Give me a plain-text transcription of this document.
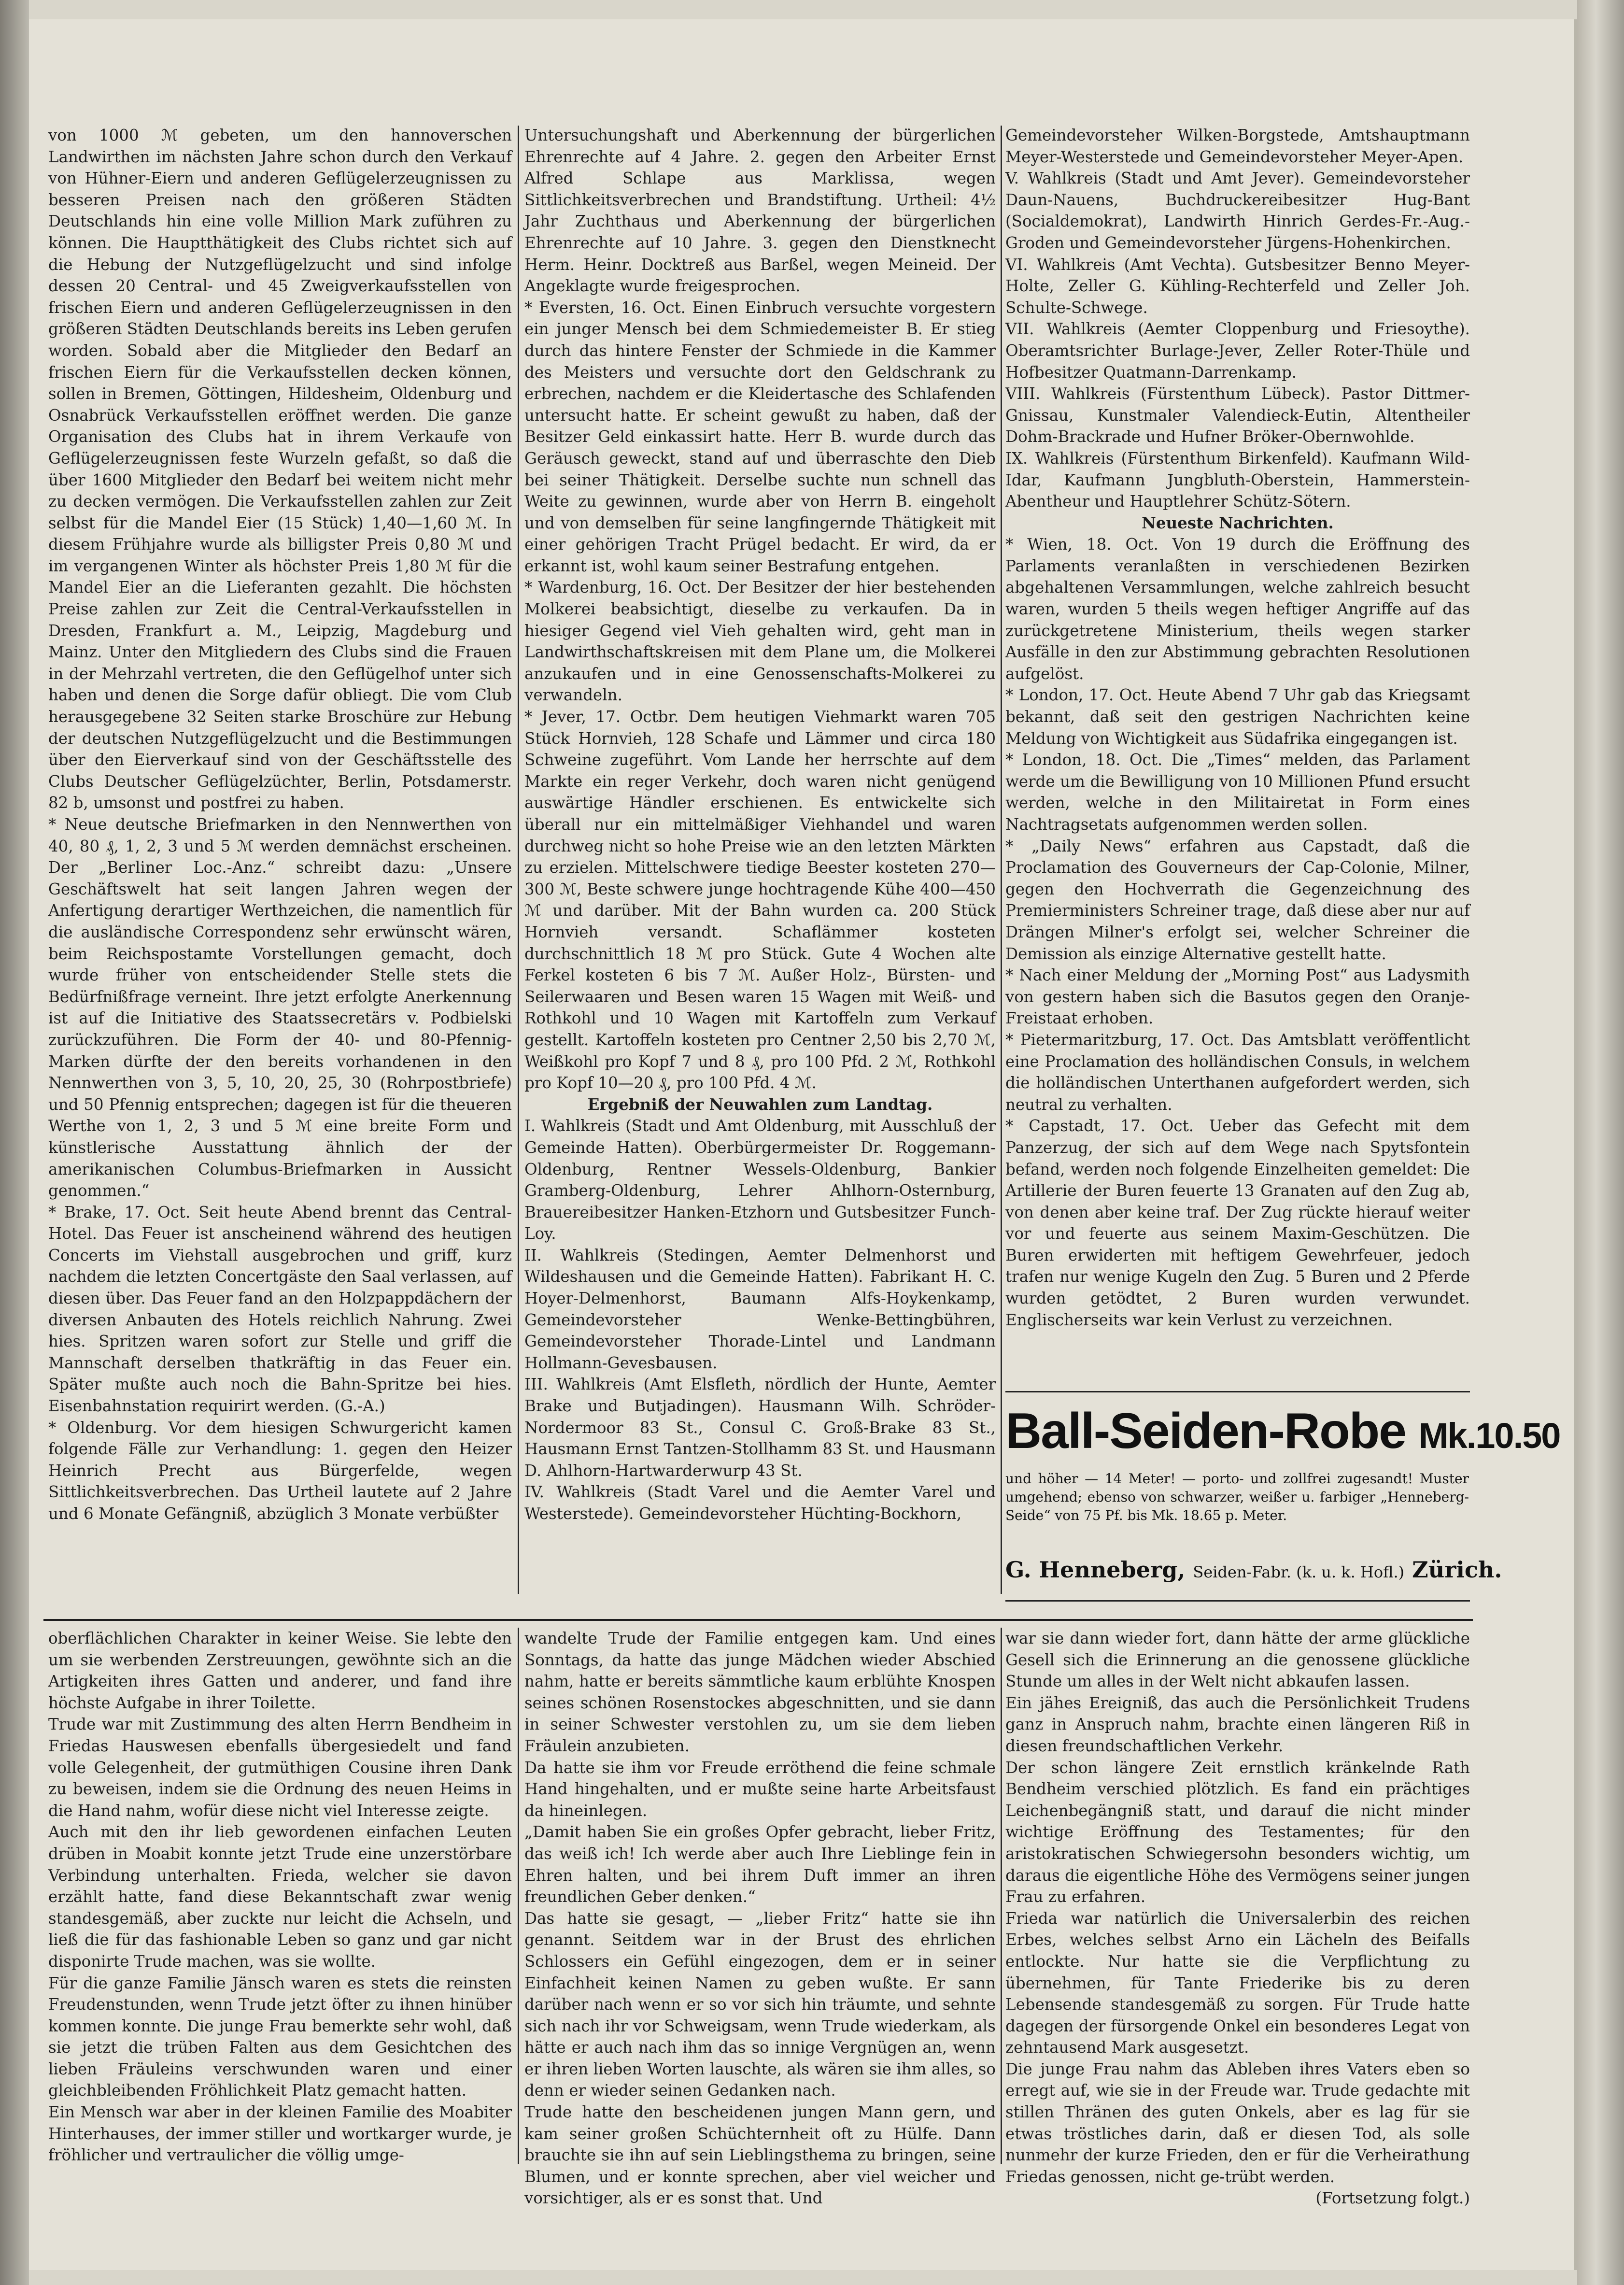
von 1000 ℳ gebeten, um den hannoverschen Landwirthen im nächsten Jahre schon durch den Verkauf von Hühner-Eiern und anderen Geflügelerzeugnissen zu besseren Preisen nach den größeren Städten Deutschlands hin eine volle Million Mark zuführen zu können. Die Hauptthätigkeit des Clubs richtet sich auf die Hebung der Nutzgeflügelzucht und sind infolge dessen 20 Central- und 45 Zweigverkaufsstellen von frischen Eiern und anderen Geflügelerzeugnissen in den größeren Städten Deutschlands bereits ins Leben gerufen worden. Sobald aber die Mitglieder den Bedarf an frischen Eiern für die Verkaufsstellen decken können, sollen in Bremen, Göttingen, Hildesheim, Oldenburg und Osnabrück Verkaufsstellen eröffnet werden. Die ganze Organisation des Clubs hat in ihrem Verkaufe von Geflügelerzeugnissen feste Wurzeln gefaßt, so daß die über 1600 Mitglieder den Bedarf bei weitem nicht mehr zu decken vermögen. Die Verkaufsstellen zahlen zur Zeit selbst für die Mandel Eier (15 Stück) 1,40—1,60 ℳ. In diesem Frühjahre wurde als billigster Preis 0,80 ℳ und im vergangenen Winter als höchster Preis 1,80 ℳ für die Mandel Eier an die Lieferanten gezahlt. Die höchsten Preise zahlen zur Zeit die Central-Verkaufsstellen in Dresden, Frankfurt a. M., Leipzig, Magdeburg und Mainz. Unter den Mitgliedern des Clubs sind die Frauen in der Mehrzahl vertreten, die den Geflügelhof unter sich haben und denen die Sorge dafür obliegt. Die vom Club herausgegebene 32 Seiten starke Broschüre zur Hebung der deutschen Nutzgeflügelzucht und die Bestimmungen über den Eierverkauf sind von der Geschäftsstelle des Clubs Deutscher Geflügelzüchter, Berlin, Potsdamerstr. 82 b, umsonst und postfrei zu haben.

* Neue deutsche Briefmarken in den Nennwerthen von 40, 80 ₰, 1, 2, 3 und 5 ℳ werden demnächst erscheinen. Der „Berliner Loc.-Anz.“ schreibt dazu: „Unsere Geschäftswelt hat seit langen Jahren wegen der Anfertigung derartiger Werthzeichen, die namentlich für die ausländische Correspondenz sehr erwünscht wären, beim Reichspostamte Vorstellungen gemacht, doch wurde früher von entscheidender Stelle stets die Bedürfnißfrage verneint. Ihre jetzt erfolgte Anerkennung ist auf die Initiative des Staatssecretärs v. Podbielski zurückzuführen. Die Form der 40- und 80-Pfennig-Marken dürfte der den bereits vorhandenen in den Nennwerthen von 3, 5, 10, 20, 25, 30 (Rohrpostbriefe) und 50 Pfennig entsprechen; dagegen ist für die theueren Werthe von 1, 2, 3 und 5 ℳ eine breite Form und künstlerische Ausstattung ähnlich der der amerikanischen Columbus-Briefmarken in Aussicht genommen.“

* Brake, 17. Oct. Seit heute Abend brennt das Central-Hotel. Das Feuer ist anscheinend während des heutigen Concerts im Viehstall ausgebrochen und griff, kurz nachdem die letzten Concertgäste den Saal verlassen, auf diesen über. Das Feuer fand an den Holzpappdächern der diversen Anbauten des Hotels reichlich Nahrung. Zwei hies. Spritzen waren sofort zur Stelle und griff die Mannschaft derselben thatkräftig in das Feuer ein. Später mußte auch noch die Bahn-Spritze bei hies. Eisenbahnstation requirirt werden. (G.-A.)

* Oldenburg. Vor dem hiesigen Schwurgericht kamen folgende Fälle zur Verhandlung: 1. gegen den Heizer Heinrich Precht aus Bürgerfelde, wegen Sittlichkeitsverbrechen. Das Urtheil lautete auf 2 Jahre und 6 Monate Gefängniß, abzüglich 3 Monate verbüßter

Untersuchungshaft und Aberkennung der bürgerlichen Ehrenrechte auf 4 Jahre. 2. gegen den Arbeiter Ernst Alfred Schlape aus Marklissa, wegen Sittlichkeitsverbrechen und Brandstiftung. Urtheil: 4½ Jahr Zuchthaus und Aberkennung der bürgerlichen Ehrenrechte auf 10 Jahre. 3. gegen den Dienstknecht Herm. Heinr. Docktreß aus Barßel, wegen Meineid. Der Angeklagte wurde freigesprochen.

* Eversten, 16. Oct. Einen Einbruch versuchte vorgestern ein junger Mensch bei dem Schmiedemeister B. Er stieg durch das hintere Fenster der Schmiede in die Kammer des Meisters und versuchte dort den Geldschrank zu erbrechen, nachdem er die Kleidertasche des Schlafenden untersucht hatte. Er scheint gewußt zu haben, daß der Besitzer Geld einkassirt hatte. Herr B. wurde durch das Geräusch geweckt, stand auf und überraschte den Dieb bei seiner Thätigkeit. Derselbe suchte nun schnell das Weite zu gewinnen, wurde aber von Herrn B. eingeholt und von demselben für seine langfingernde Thätigkeit mit einer gehörigen Tracht Prügel bedacht. Er wird, da er erkannt ist, wohl kaum seiner Bestrafung entgehen.

* Wardenburg, 16. Oct. Der Besitzer der hier bestehenden Molkerei beabsichtigt, dieselbe zu verkaufen. Da in hiesiger Gegend viel Vieh gehalten wird, geht man in Landwirthschaftskreisen mit dem Plane um, die Molkerei anzukaufen und in eine Genossenschafts-Molkerei zu verwandeln.

* Jever, 17. Octbr. Dem heutigen Viehmarkt waren 705 Stück Hornvieh, 128 Schafe und Lämmer und circa 180 Schweine zugeführt. Vom Lande her herrschte auf dem Markte ein reger Verkehr, doch waren nicht genügend auswärtige Händler erschienen. Es entwickelte sich überall nur ein mittelmäßiger Viehhandel und waren durchweg nicht so hohe Preise wie an den letzten Märkten zu erzielen. Mittelschwere tiedige Beester kosteten 270—300 ℳ, Beste schwere junge hochtragende Kühe 400—450 ℳ und darüber. Mit der Bahn wurden ca. 200 Stück Hornvieh versandt. Schaflämmer kosteten durchschnittlich 18 ℳ pro Stück. Gute 4 Wochen alte Ferkel kosteten 6 bis 7 ℳ. Außer Holz-, Bürsten- und Seilerwaaren und Besen waren 15 Wagen mit Weiß- und Rothkohl und 10 Wagen mit Kartoffeln zum Verkauf gestellt. Kartoffeln kosteten pro Centner 2,50 bis 2,70 ℳ, Weißkohl pro Kopf 7 und 8 ₰, pro 100 Pfd. 2 ℳ, Rothkohl pro Kopf 10—20 ₰, pro 100 Pfd. 4 ℳ.

Ergebniß der Neuwahlen zum Landtag.

I. Wahlkreis (Stadt und Amt Oldenburg, mit Ausschluß der Gemeinde Hatten). Oberbürgermeister Dr. Roggemann-Oldenburg, Rentner Wessels-Oldenburg, Bankier Gramberg-Oldenburg, Lehrer Ahlhorn-Osternburg, Brauereibesitzer Hanken-Etzhorn und Gutsbesitzer Funch-Loy.

II. Wahlkreis (Stedingen, Aemter Delmenhorst und Wildeshausen und die Gemeinde Hatten). Fabrikant H. C. Hoyer-Delmenhorst, Baumann Alfs-Hoykenkamp, Gemeindevorsteher Wenke-Bettingbühren, Gemeindevorsteher Thorade-Lintel und Landmann Hollmann-Gevesbausen.

III. Wahlkreis (Amt Elsfleth, nördlich der Hunte, Aemter Brake und Butjadingen). Hausmann Wilh. Schröder-Nordermoor 83 St., Consul C. Groß-Brake 83 St., Hausmann Ernst Tantzen-Stollhamm 83 St. und Hausmann D. Ahlhorn-Hartwarderwurp 43 St.

IV. Wahlkreis (Stadt Varel und die Aemter Varel und Westerstede). Gemeindevorsteher Hüchting-Bockhorn,

Gemeindevorsteher Wilken-Borgstede, Amtshauptmann Meyer-Westerstede und Gemeindevorsteher Meyer-Apen.

V. Wahlkreis (Stadt und Amt Jever). Gemeindevorsteher Daun-Nauens, Buchdruckereibesitzer Hug-Bant (Socialdemokrat), Landwirth Hinrich Gerdes-Fr.-Aug.-Groden und Gemeindevorsteher Jürgens-Hohenkirchen.

VI. Wahlkreis (Amt Vechta). Gutsbesitzer Benno Meyer-Holte, Zeller G. Kühling-Rechterfeld und Zeller Joh. Schulte-Schwege.

VII. Wahlkreis (Aemter Cloppenburg und Friesoythe). Oberamtsrichter Burlage-Jever, Zeller Roter-Thüle und Hofbesitzer Quatmann-Darrenkamp.

VIII. Wahlkreis (Fürstenthum Lübeck). Pastor Dittmer-Gnissau, Kunstmaler Valendieck-Eutin, Altentheiler Dohm-Brackrade und Hufner Bröker-Obernwohlde.

IX. Wahlkreis (Fürstenthum Birkenfeld). Kaufmann Wild-Idar, Kaufmann Jungbluth-Oberstein, Hammerstein-Abentheur und Hauptlehrer Schütz-Sötern.

Neueste Nachrichten.

* Wien, 18. Oct. Von 19 durch die Eröffnung des Parlaments veranlaßten in verschiedenen Bezirken abgehaltenen Versammlungen, welche zahlreich besucht waren, wurden 5 theils wegen heftiger Angriffe auf das zurückgetretene Ministerium, theils wegen starker Ausfälle in den zur Abstimmung gebrachten Resolutionen aufgelöst.

* London, 17. Oct. Heute Abend 7 Uhr gab das Kriegsamt bekannt, daß seit den gestrigen Nachrichten keine Meldung von Wichtigkeit aus Südafrika eingegangen ist.

* London, 18. Oct. Die „Times“ melden, das Parlament werde um die Bewilligung von 10 Millionen Pfund ersucht werden, welche in den Militairetat in Form eines Nachtragsetats aufgenommen werden sollen.

* „Daily News“ erfahren aus Capstadt, daß die Proclamation des Gouverneurs der Cap-Colonie, Milner, gegen den Hochverrath die Gegenzeichnung des Premierministers Schreiner trage, daß diese aber nur auf Drängen Milner's erfolgt sei, welcher Schreiner die Demission als einzige Alternative gestellt hatte.

* Nach einer Meldung der „Morning Post“ aus Ladysmith von gestern haben sich die Basutos gegen den Oranje-Freistaat erhoben.

* Pietermaritzburg, 17. Oct. Das Amtsblatt veröffentlicht eine Proclamation des holländischen Consuls, in welchem die holländischen Unterthanen aufgefordert werden, sich neutral zu verhalten.

* Capstadt, 17. Oct. Ueber das Gefecht mit dem Panzerzug, der sich auf dem Wege nach Spytsfontein befand, werden noch folgende Einzelheiten gemeldet: Die Artillerie der Buren feuerte 13 Granaten auf den Zug ab, von denen aber keine traf. Der Zug rückte hierauf weiter vor und feuerte aus seinem Maxim-Geschützen. Die Buren erwiderten mit heftigem Gewehrfeuer, jedoch trafen nur wenige Kugeln den Zug. 5 Buren und 2 Pferde wurden getödtet, 2 Buren wurden verwundet. Englischerseits war kein Verlust zu verzeichnen.

Ball-Seiden-Robe Mk.10.50
und höher — 14 Meter! — porto- und zollfrei zugesandt! Muster umgehend; ebenso von schwarzer, weißer u. farbiger „Henneberg-Seide“ von 75 Pf. bis Mk. 18.65 p. Meter.
G. Henneberg, Seiden-Fabr. (k. u. k. Hofl.) Zürich.

oberflächlichen Charakter in keiner Weise. Sie lebte den um sie werbenden Zerstreuungen, gewöhnte sich an die Artigkeiten ihres Gatten und anderer, und fand ihre höchste Aufgabe in ihrer Toilette.

Trude war mit Zustimmung des alten Herrn Bendheim in Friedas Hauswesen ebenfalls übergesiedelt und fand volle Gelegenheit, der gutmüthigen Cousine ihren Dank zu beweisen, indem sie die Ordnung des neuen Heims in die Hand nahm, wofür diese nicht viel Interesse zeigte.

Auch mit den ihr lieb gewordenen einfachen Leuten drüben in Moabit konnte jetzt Trude eine unzerstörbare Verbindung unterhalten. Frieda, welcher sie davon erzählt hatte, fand diese Bekanntschaft zwar wenig standesgemäß, aber zuckte nur leicht die Achseln, und ließ die für das fashionable Leben so ganz und gar nicht disponirte Trude machen, was sie wollte.

Für die ganze Familie Jänsch waren es stets die reinsten Freudenstunden, wenn Trude jetzt öfter zu ihnen hinüber kommen konnte. Die junge Frau bemerkte sehr wohl, daß sie jetzt die trüben Falten aus dem Gesichtchen des lieben Fräuleins verschwunden waren und einer gleichbleibenden Fröhlichkeit Platz gemacht hatten.

Ein Mensch war aber in der kleinen Familie des Moabiter Hinterhauses, der immer stiller und wortkarger wurde, je fröhlicher und vertraulicher die völlig umge-

wandelte Trude der Familie entgegen kam. Und eines Sonntags, da hatte das junge Mädchen wieder Abschied nahm, hatte er bereits sämmtliche kaum erblühte Knospen seines schönen Rosenstockes abgeschnitten, und sie dann in seiner Schwester verstohlen zu, um sie dem lieben Fräulein anzubieten.

Da hatte sie ihm vor Freude erröthend die feine schmale Hand hingehalten, und er mußte seine harte Arbeitsfaust da hineinlegen.

„Damit haben Sie ein großes Opfer gebracht, lieber Fritz, das weiß ich! Ich werde aber auch Ihre Lieblinge fein in Ehren halten, und bei ihrem Duft immer an ihren freundlichen Geber denken.“

Das hatte sie gesagt, — „lieber Fritz“ hatte sie ihn genannt. Seitdem war in der Brust des ehrlichen Schlossers ein Gefühl eingezogen, dem er in seiner Einfachheit keinen Namen zu geben wußte. Er sann darüber nach wenn er so vor sich hin träumte, und sehnte sich nach ihr vor Schweigsam, wenn Trude wiederkam, als hätte er auch nach ihm das so innige Vergnügen an, wenn er ihren lieben Worten lauschte, als wären sie ihm alles, so denn er wieder seinen Gedanken nach.

Trude hatte den bescheidenen jungen Mann gern, und kam seiner großen Schüchternheit oft zu Hülfe. Dann brauchte sie ihn auf sein Lieblingsthema zu bringen, seine Blumen, und er konnte sprechen, aber viel weicher und vorsichtiger, als er es sonst that. Und

war sie dann wieder fort, dann hätte der arme glückliche Gesell sich die Erinnerung an die genossene glückliche Stunde um alles in der Welt nicht abkaufen lassen.

Ein jähes Ereigniß, das auch die Persönlichkeit Trudens ganz in Anspruch nahm, brachte einen längeren Riß in diesen freundschaftlichen Verkehr.

Der schon längere Zeit ernstlich kränkelnde Rath Bendheim verschied plötzlich. Es fand ein prächtiges Leichenbegängniß statt, und darauf die nicht minder wichtige Eröffnung des Testamentes; für den aristokratischen Schwiegersohn besonders wichtig, um daraus die eigentliche Höhe des Vermögens seiner jungen Frau zu erfahren.

Frieda war natürlich die Universalerbin des reichen Erbes, welches selbst Arno ein Lächeln des Beifalls entlockte. Nur hatte sie die Verpflichtung zu übernehmen, für Tante Friederike bis zu deren Lebensende standesgemäß zu sorgen. Für Trude hatte dagegen der fürsorgende Onkel ein besonderes Legat von zehntausend Mark ausgesetzt.

Die junge Frau nahm das Ableben ihres Vaters eben so erregt auf, wie sie in der Freude war. Trude gedachte mit stillen Thränen des guten Onkels, aber es lag für sie etwas tröstliches darin, daß er diesen Tod, als solle nunmehr der kurze Frieden, den er für die Verheirathung Friedas genossen, nicht ge-trübt werden.

(Fortsetzung folgt.)
